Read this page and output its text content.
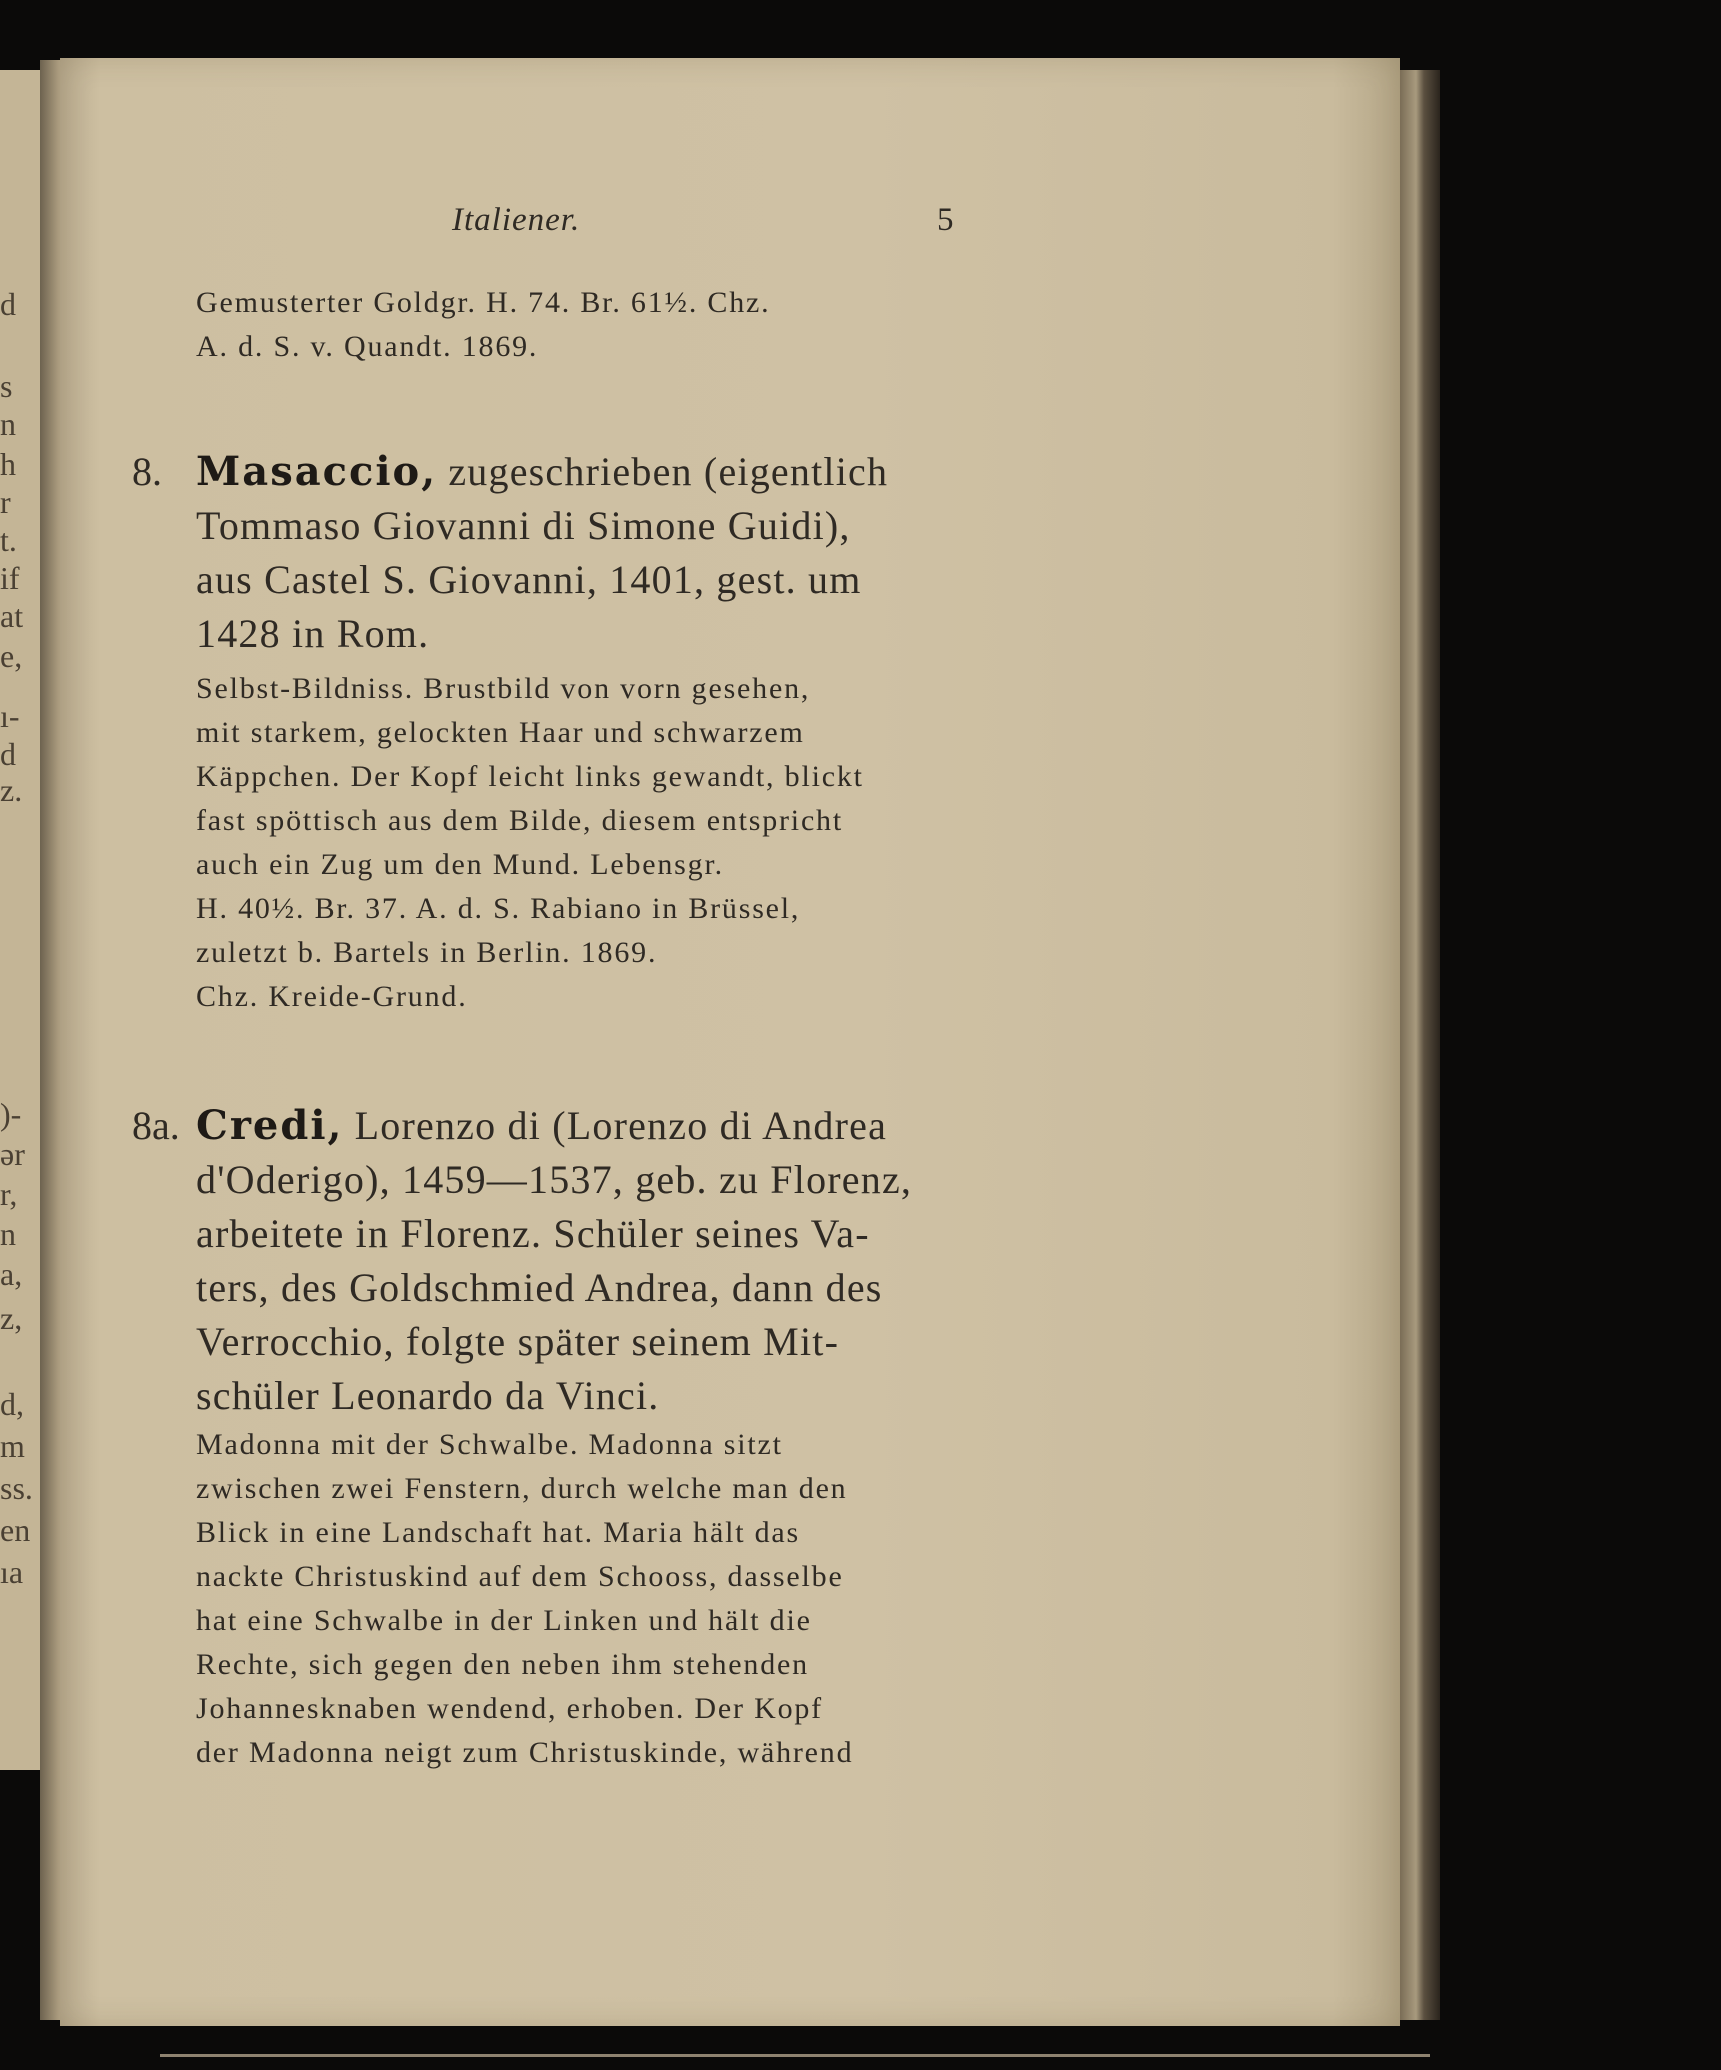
d
s
n
h
r
t.
if
at
e,
ı-
d
z.
)-
ər
r,
n
a,
z,
d,
m
ss.
en
ıa
Italiener.	5
Gemusterter Goldgr. H. 74. Br. 61½. Chz.
A. d. S. v. Quandt. 1869.
8. Masaccio, zugeschrieben (eigentlich
Tommaso Giovanni di Simone Guidi),
aus Castel S. Giovanni, 1401, gest. um
1428 in Rom.
Selbst-Bildniss. Brustbild von vorn gesehen,
mit starkem, gelockten Haar und schwarzem
Käppchen. Der Kopf leicht links gewandt, blickt
fast spöttisch aus dem Bilde, diesem entspricht
auch ein Zug um den Mund. Lebensgr.
H. 40½. Br. 37. A. d. S. Rabiano in Brüssel,
zuletzt b. Bartels in Berlin. 1869.
Chz. Kreide-Grund.
8a. Credi, Lorenzo di (Lorenzo di Andrea
d'Oderigo), 1459—1537, geb. zu Florenz,
arbeitete in Florenz. Schüler seines Va-
ters, des Goldschmied Andrea, dann des
Verrocchio, folgte später seinem Mit-
schüler Leonardo da Vinci.
Madonna mit der Schwalbe. Madonna sitzt
zwischen zwei Fenstern, durch welche man den
Blick in eine Landschaft hat. Maria hält das
nackte Christuskind auf dem Schooss, dasselbe
hat eine Schwalbe in der Linken und hält die
Rechte, sich gegen den neben ihm stehenden
Johannesknaben wendend, erhoben. Der Kopf
der Madonna neigt zum Christuskinde, während
